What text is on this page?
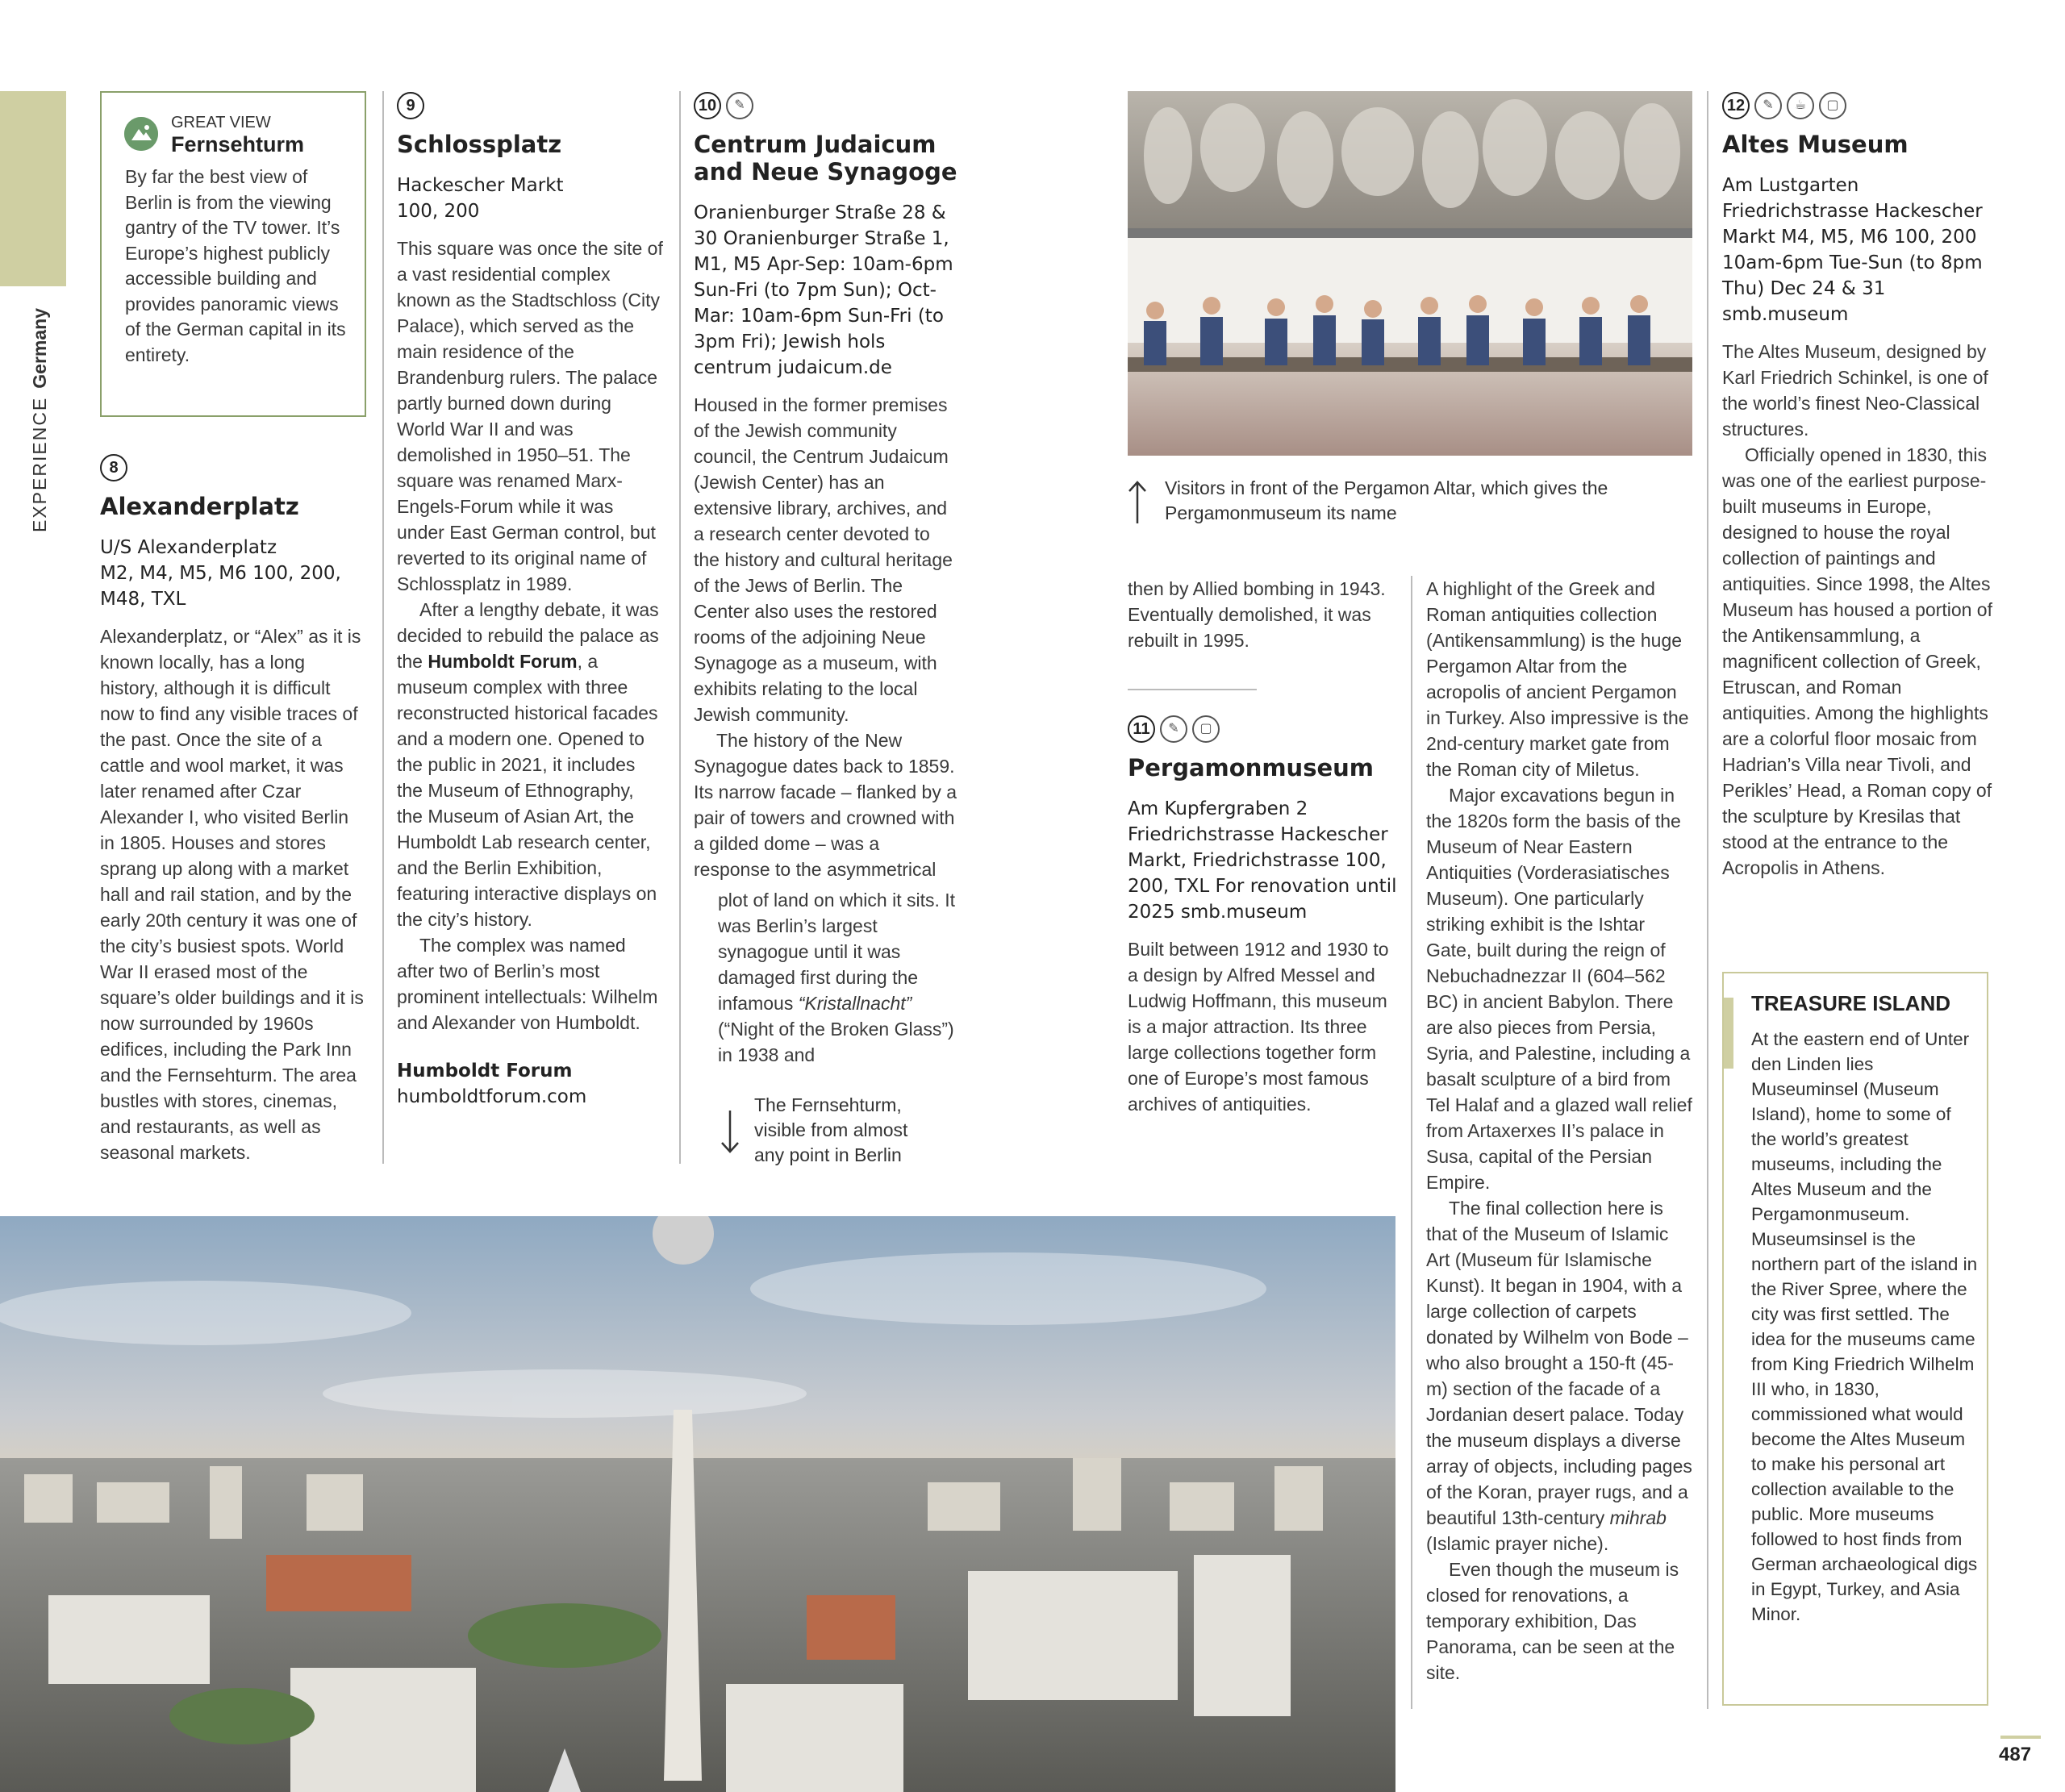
EXPERIENCEGermany
GREAT VIEW
Fernsehturm
By far the best view of Berlin is from the viewing gantry of the TV tower. It’s Europe’s highest publicly accessible building and provides panoramic views of the German capital in its entirety.
8
Alexanderplatz
U/S Alexanderplatz
M2, M4, M5, M6 100, 200, M48, TXL

Alexanderplatz, or “Alex” as it is known locally, has a long history, although it is difficult now to find any visible traces of the past. Once the site of a cattle and wool market, it was later renamed after Czar Alexander I, who visited Berlin in 1805. Houses and stores sprang up along with a market hall and rail station, and by the early 20th century it was one of the city’s busiest spots. World War II erased most of the square’s older buildings and it is now surrounded by 1960s edifices, including the Park Inn and the Fernsehturm. The area bustles with stores, cinemas, and restaurants, as well as seasonal markets.

9
Schlossplatz
Hackescher Markt
100, 200

This square was once the site of a vast residential complex known as the Stadtschloss (City Palace), which served as the main residence of the Brandenburg rulers. The palace partly burned down during World War II and was demolished in 1950–51. The square was renamed Marx-Engels-Forum while it was under East German control, but reverted to its original name of Schlossplatz in 1989.

After a lengthy debate, it was decided to rebuild the palace as the Humboldt Forum, a museum complex with three reconstructed historical facades and a modern one. Opened to the public in 2021, it includes the Museum of Ethnography, the Museum of Asian Art, the Humboldt Lab research center, and the Berlin Exhibition, featuring interactive displays on the city’s history.

The complex was named after two of Berlin’s most prominent intellectuals: Wilhelm and Alexander von Humboldt.

Humboldt Forum
humboldtforum.com
10 ✎
Centrum Judaicum and Neue Synagoge
Oranienburger Straße 28 & 30 Oranienburger Straße 1, M1, M5 Apr-Sep: 10am-6pm Sun-Fri (to 7pm Sun); Oct-Mar: 10am-6pm Sun-Fri (to 3pm Fri); Jewish hols centrum judaicum.de

Housed in the former premises of the Jewish community council, the Centrum Judaicum (Jewish Center) has an extensive library, archives, and a research center devoted to the history and cultural heritage of the Jews of Berlin. The Center also uses the restored rooms of the adjoining Neue Synagoge as a museum, with exhibits relating to the local Jewish community.

The history of the New Synagogue dates back to 1859. Its narrow facade – flanked by a pair of towers and crowned with a gilded dome – was a response to the asymmetrical

plot of land on which it sits. It was Berlin’s largest synagogue until it was damaged first during the infamous “Kristallnacht” (“Night of the Broken Glass”) in 1938 and

The Fernsehturm, visible from almost any point in Berlin
Visitors in front of the Pergamon Altar, which gives the Pergamonmuseum its name

then by Allied bombing in 1943. Eventually demolished, it was rebuilt in 1995.

11 ✎ ▢
Pergamonmuseum
Am Kupfergraben 2 Friedrichstrasse Hackescher Markt, Friedrichstrasse 100, 200, TXL For renovation until 2025 smb.museum

Built between 1912 and 1930 to a design by Alfred Messel and Ludwig Hoffmann, this museum is a major attraction. Its three large collections together form one of Europe’s most famous archives of antiquities.

A highlight of the Greek and Roman antiquities collection (Antikensammlung) is the huge Pergamon Altar from the acropolis of ancient Pergamon in Turkey. Also impressive is the 2nd-century market gate from the Roman city of Miletus.

Major excavations begun in the 1820s form the basis of the Museum of Near Eastern Antiquities (Vorderasiatisches Museum). One particularly striking exhibit is the Ishtar Gate, built during the reign of Nebuchadnezzar II (604–562 BC) in ancient Babylon. There are also pieces from Persia, Syria, and Palestine, including a basalt sculpture of a bird from Tel Halaf and a glazed wall relief from Artaxerxes II’s palace in Susa, capital of the Persian Empire.

The final collection here is that of the Museum of Islamic Art (Museum für Islamische Kunst). It began in 1904, with a large collection of carpets donated by Wilhelm von Bode – who also brought a 150-ft (45-m) section of the facade of a Jordanian desert palace. Today the museum displays a diverse array of objects, including pages of the Koran, prayer rugs, and a beautiful 13th-century mihrab (Islamic prayer niche).

Even though the museum is closed for renovations, a temporary exhibition, Das Panorama, can be seen at the site.

12 ✎ ☕ ▢
Altes Museum
Am Lustgarten Friedrichstrasse Hackescher Markt M4, M5, M6 100, 200 10am-6pm Tue-Sun (to 8pm Thu) Dec 24 & 31 smb.museum

The Altes Museum, designed by Karl Friedrich Schinkel, is one of the world’s finest Neo-Classical structures.

Officially opened in 1830, this was one of the earliest purpose-built museums in Europe, designed to house the royal collection of paintings and antiquities. Since 1998, the Altes Museum has housed a portion of the Antikensammlung, a magnificent collection of Greek, Etruscan, and Roman antiquities. Among the highlights are a colorful floor mosaic from Hadrian’s Villa near Tivoli, and Perikles’ Head, a Roman copy of the sculpture by Kresilas that stood at the entrance to the Acropolis in Athens.

TREASURE ISLAND
At the eastern end of Unter den Linden lies Museuminsel (Museum Island), home to some of the world’s greatest museums, including the Altes Museum and the Pergamonmuseum. Museumsinsel is the northern part of the island in the River Spree, where the city was first settled. The idea for the museums came from King Friedrich Wilhelm III who, in 1830, commissioned what would become the Altes Museum to make his personal art collection available to the public. More museums followed to host finds from German archaeological digs in Egypt, Turkey, and Asia Minor.
487
